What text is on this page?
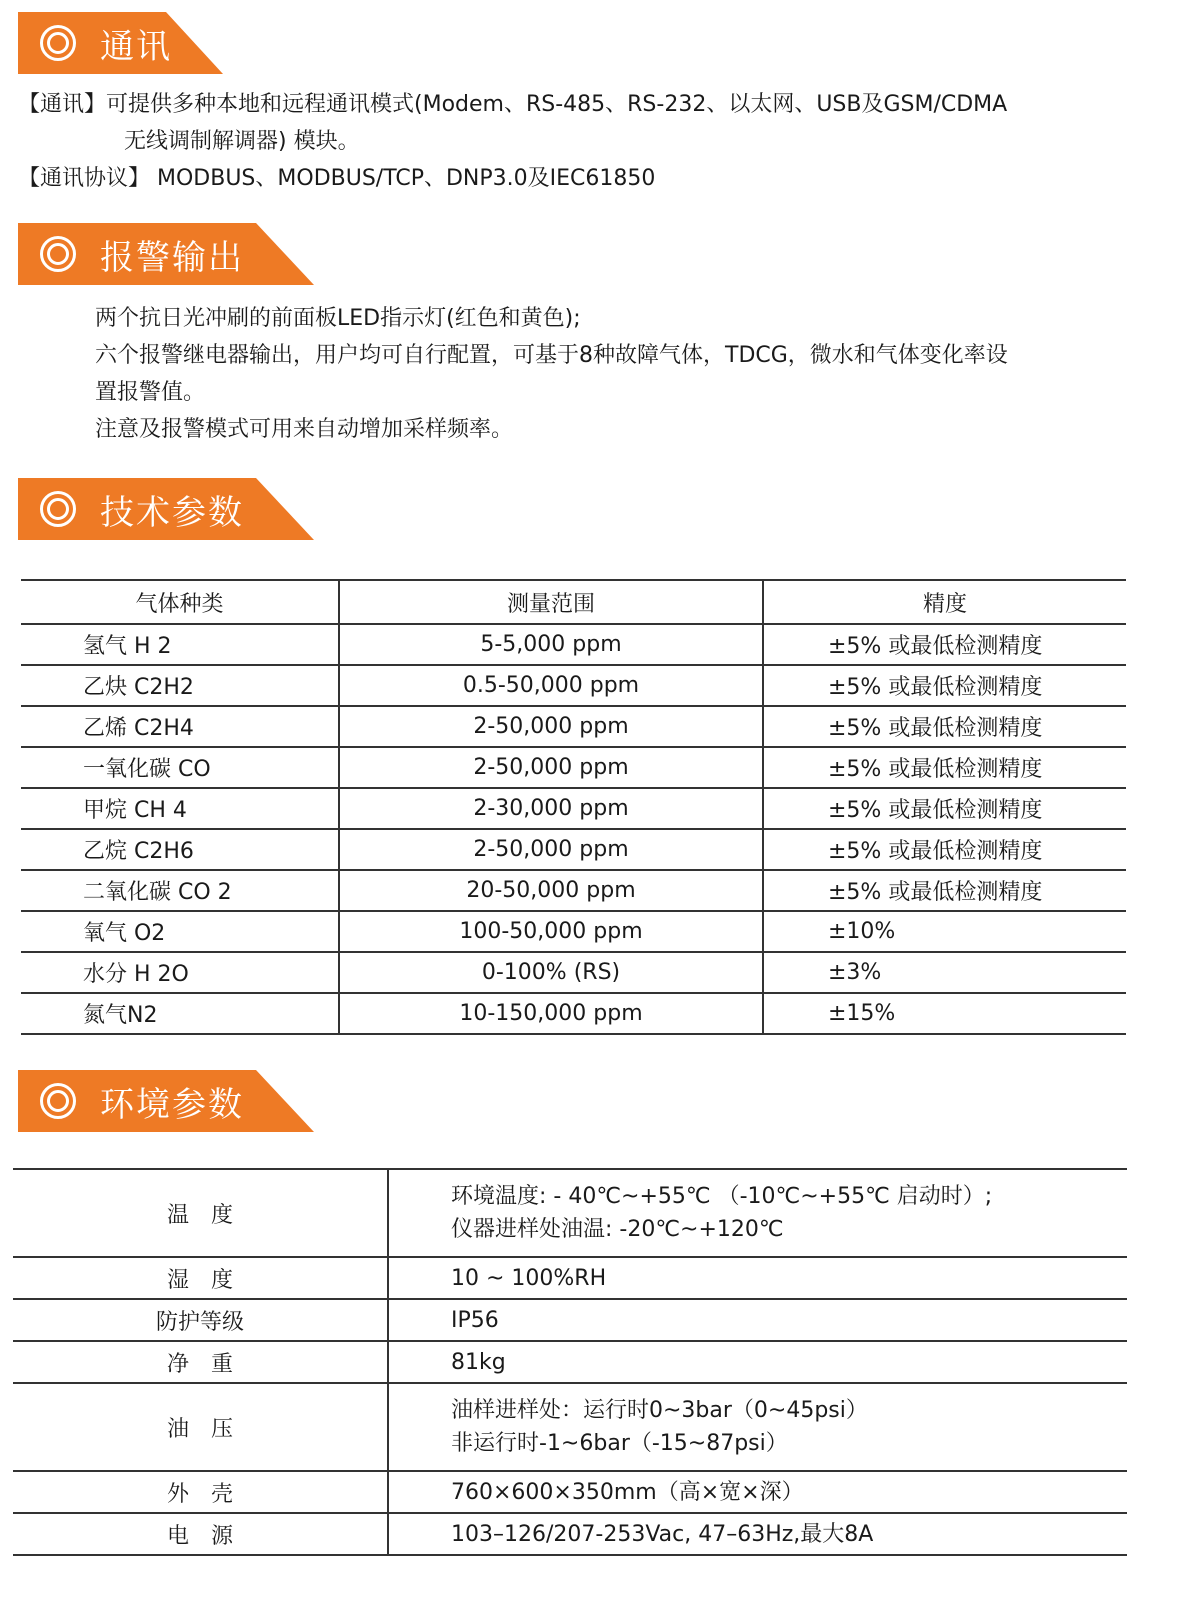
通讯
【通讯】可提供多种本地和远程通讯模式(Modem、RS-485、RS-232、以太网、USB及GSM/CDMA
无线调制解调器) 模块。
【通讯协议】 MODBUS、MODBUS/TCP、DNP3.0及IEC61850
报警输出
两个抗日光冲刷的前面板LED指示灯(红色和黄色);
六个报警继电器输出，用户均可自行配置，可基于8种故障气体，TDCG，微水和气体变化率设
置报警值。
注意及报警模式可用来自动增加采样频率。
技术参数
气体种类	测量范围	精度
氢气 H 2	5-5,000 ppm	±5% 或最低检测精度
乙炔 C2H2	0.5-50,000 ppm	±5% 或最低检测精度
乙烯 C2H4	2-50,000 ppm	±5% 或最低检测精度
一氧化碳 CO	2-50,000 ppm	±5% 或最低检测精度
甲烷 CH 4	2-30,000 ppm	±5% 或最低检测精度
乙烷 C2H6	2-50,000 ppm	±5% 或最低检测精度
二氧化碳 CO 2	20-50,000 ppm	±5% 或最低检测精度
氧气 O2	100-50,000 ppm	±10%
水分 H 2O	0-100% (RS)	±3%
氮气N2	10-150,000 ppm	±15%
环境参数
温　度	环境温度: - 40℃~+55℃ （-10℃~+55℃ 启动时）;
仪器进样处油温: -20℃~+120℃

湿　度	10 ~ 100%RH
防护等级	IP56
净　重	81kg
油　压	油样进样处：运行时0~3bar（0~45psi）
非运行时-1~6bar（-15~87psi）

外　壳	760×600×350mm（高×宽×深）
电　源	103–126/207-253Vac, 47–63Hz,最大8A
